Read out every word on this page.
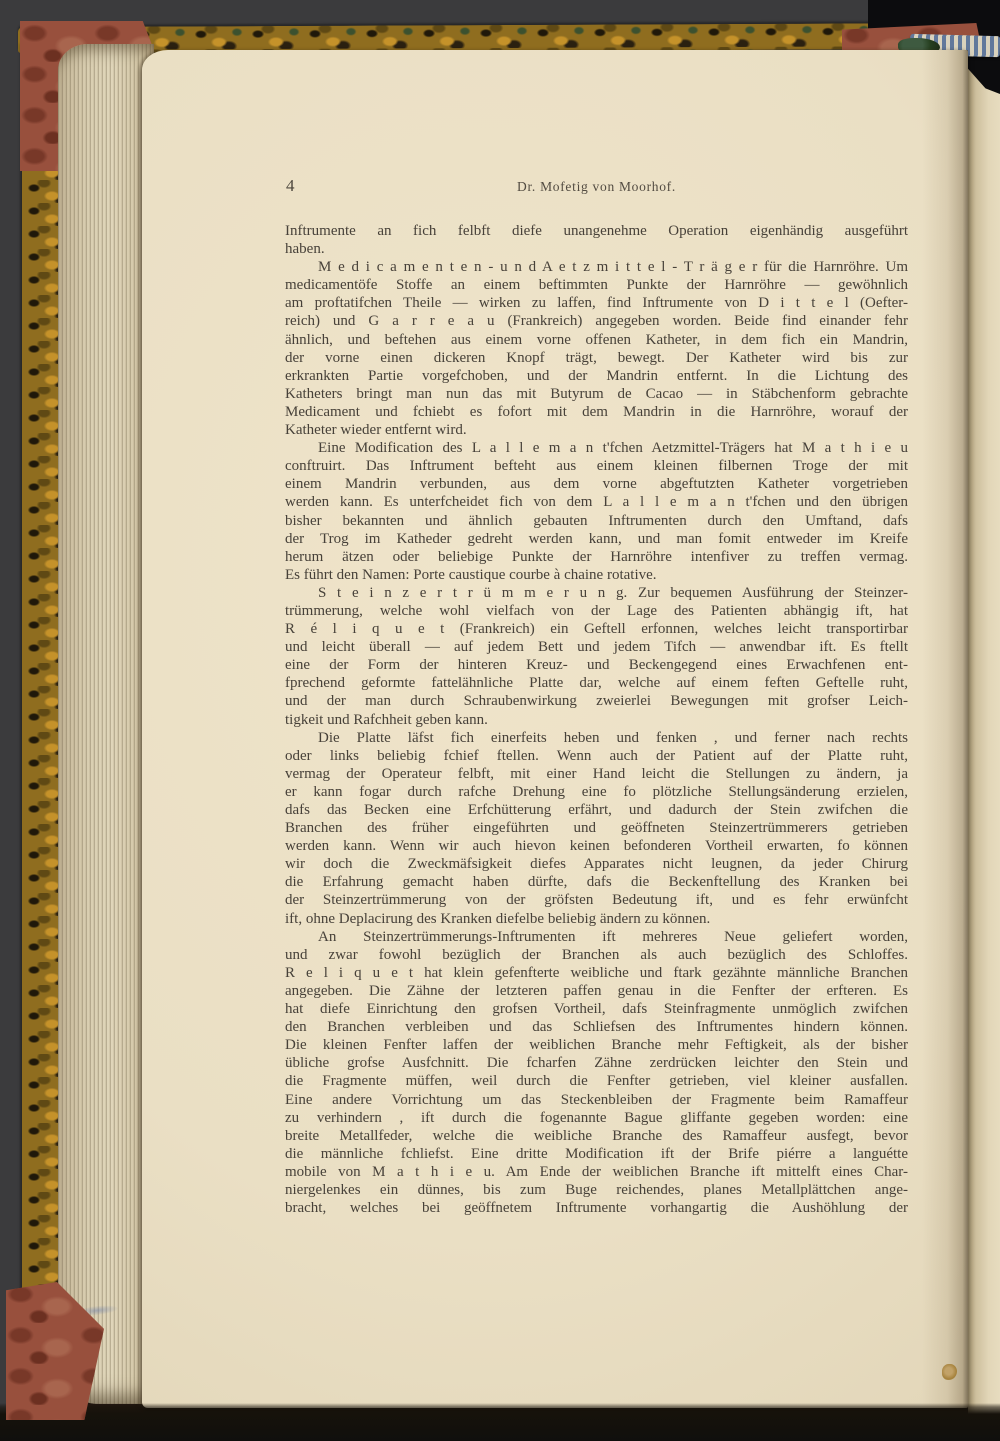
4	Dr. Mofetig von Moorhof.
Inftrumente an fich felbft diefe unangenehme Operation eigenhändig ausgeführt
haben.
M e d i c a m e n t e n - u n d A e t z m i t t e l - T r ä g e r für die Harnröhre. Um
medicamentöfe Stoffe an einem beftimmten Punkte der Harnröhre — gewöhnlich
am proftatifchen Theile — wirken zu laffen, find Inftrumente von D i t t e l (Oefter-
reich) und G a r r e a u (Frankreich) angegeben worden. Beide find einander fehr
ähnlich, und beftehen aus einem vorne offenen Katheter, in dem fich ein Mandrin,
der vorne einen dickeren Knopf trägt, bewegt. Der Katheter wird bis zur
erkrankten Partie vorgefchoben, und der Mandrin entfernt. In die Lichtung des
Katheters bringt man nun das mit Butyrum de Cacao — in Stäbchenform gebrachte
Medicament und fchiebt es fofort mit dem Mandrin in die Harnröhre, worauf der
Katheter wieder entfernt wird.
Eine Modification des L a l l e m a n t'fchen Aetzmittel-Trägers hat M a t h i e u
conftruirt. Das Inftrument befteht aus einem kleinen filbernen Troge der mit
einem Mandrin verbunden, aus dem vorne abgeftutzten Katheter vorgetrieben
werden kann. Es unterfcheidet fich von dem L a l l e m a n t'fchen und den übrigen
bisher bekannten und ähnlich gebauten Inftrumenten durch den Umftand, dafs
der Trog im Katheder gedreht werden kann, und man fomit entweder im Kreife
herum ätzen oder beliebige Punkte der Harnröhre intenfiver zu treffen vermag.
Es führt den Namen: Porte caustique courbe à chaine rotative.
S t e i n z e r t r ü m m e r u n g. Zur bequemen Ausführung der Steinzer-
trümmerung, welche wohl vielfach von der Lage des Patienten abhängig ift, hat
R é l i q u e t (Frankreich) ein Geftell erfonnen, welches leicht transportirbar
und leicht überall — auf jedem Bett und jedem Tifch — anwendbar ift. Es ftellt
eine der Form der hinteren Kreuz- und Beckengegend eines Erwachfenen ent-
fprechend geformte fattelähnliche Platte dar, welche auf einem feften Geftelle ruht,
und der man durch Schraubenwirkung zweierlei Bewegungen mit grofser Leich-
tigkeit und Rafchheit geben kann.
Die Platte läfst fich einerfeits heben und fenken , und ferner nach rechts
oder links beliebig fchief ftellen. Wenn auch der Patient auf der Platte ruht,
vermag der Operateur felbft, mit einer Hand leicht die Stellungen zu ändern, ja
er kann fogar durch rafche Drehung eine fo plötzliche Stellungsänderung erzielen,
dafs das Becken eine Erfchütterung erfährt, und dadurch der Stein zwifchen die
Branchen des früher eingeführten und geöffneten Steinzertrümmerers getrieben
werden kann. Wenn wir auch hievon keinen befonderen Vortheil erwarten, fo können
wir doch die Zweckmäfsigkeit diefes Apparates nicht leugnen, da jeder Chirurg
die Erfahrung gemacht haben dürfte, dafs die Beckenftellung des Kranken bei
der Steinzertrümmerung von der gröfsten Bedeutung ift, und es fehr erwünfcht
ift, ohne Deplacirung des Kranken diefelbe beliebig ändern zu können.
An Steinzertrümmerungs-Inftrumenten ift mehreres Neue geliefert worden,
und zwar fowohl bezüglich der Branchen als auch bezüglich des Schloffes.
R e l i q u e t hat klein gefenfterte weibliche und ftark gezähnte männliche Branchen
angegeben. Die Zähne der letzteren paffen genau in die Fenfter der erfteren. Es
hat diefe Einrichtung den grofsen Vortheil, dafs Steinfragmente unmöglich zwifchen
den Branchen verbleiben und das Schliefsen des Inftrumentes hindern können.
Die kleinen Fenfter laffen der weiblichen Branche mehr Feftigkeit, als der bisher
übliche grofse Ausfchnitt. Die fcharfen Zähne zerdrücken leichter den Stein und
die Fragmente müffen, weil durch die Fenfter getrieben, viel kleiner ausfallen.
Eine andere Vorrichtung um das Steckenbleiben der Fragmente beim Ramaffeur
zu verhindern , ift durch die fogenannte Bague gliffante gegeben worden: eine
breite Metallfeder, welche die weibliche Branche des Ramaffeur ausfegt, bevor
die männliche fchliefst. Eine dritte Modification ift der Brife piérre a languétte
mobile von M a t h i e u. Am Ende der weiblichen Branche ift mittelft eines Char-
niergelenkes ein dünnes, bis zum Buge reichendes, planes Metallplättchen ange-
bracht, welches bei geöffnetem Inftrumente vorhangartig die Aushöhlung der
